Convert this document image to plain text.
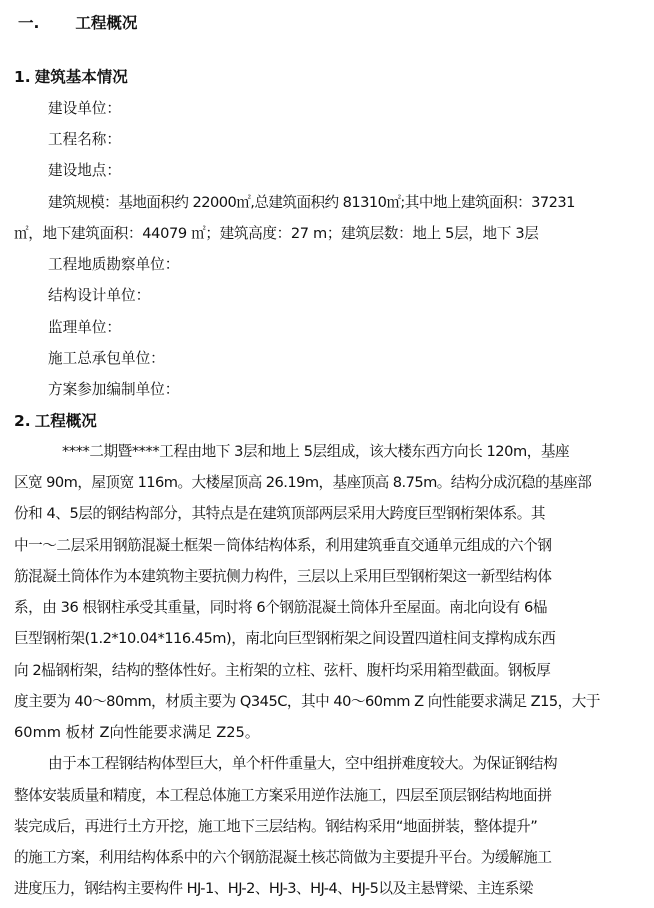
一. 工程概况
1. 建筑基本情况
建设单位：
工程名称：
建设地点：
建筑规模：基地面积约 22000㎡,总建筑面积约 81310㎡;其中地上建筑面积：37231
㎡，地下建筑面积：44079 ㎡；建筑高度：27 m；建筑层数：地上 5层，地下 3层
工程地质勘察单位：
结构设计单位：
监理单位：
施工总承包单位：
方案参加编制单位：
2. 工程概况
****二期暨****工程由地下 3层和地上 5层组成，该大楼东西方向长 120m，基座
区宽 90m，屋顶宽 116m。大楼屋顶高 26.19m，基座顶高 8.75m。结构分成沉稳的基座部
份和 4、5层的钢结构部分，其特点是在建筑顶部两层采用大跨度巨型钢桁架体系。其
中一～二层采用钢筋混凝土框架－筒体结构体系，利用建筑垂直交通单元组成的六个钢
筋混凝土筒体作为本建筑物主要抗侧力构件，三层以上采用巨型钢桁架这一新型结构体
系，由 36 根钢柱承受其重量，同时将 6个钢筋混凝土筒体升至屋面。南北向设有 6榀
巨型钢桁架(1.2*10.04*116.45m)，南北向巨型钢桁架之间设置四道柱间支撑构成东西
向 2榀钢桁架，结构的整体性好。主桁架的立柱、弦杆、腹杆均采用箱型截面。钢板厚
度主要为 40～80mm，材质主要为 Q345C，其中 40～60mm Z 向性能要求满足 Z15，大于
60mm 板材 Z向性能要求满足 Z25。
由于本工程钢结构体型巨大，单个杆件重量大，空中组拼难度较大。为保证钢结构
整体安装质量和精度，本工程总体施工方案采用逆作法施工，四层至顶层钢结构地面拼
装完成后，再进行土方开挖，施工地下三层结构。钢结构采用“地面拼装，整体提升”
的施工方案，利用结构体系中的六个钢筋混凝土核芯筒做为主要提升平台。为缓解施工
进度压力，钢结构主要构件 HJ-1、HJ-2、HJ-3、HJ-4、HJ-5以及主悬臂梁、主连系梁
